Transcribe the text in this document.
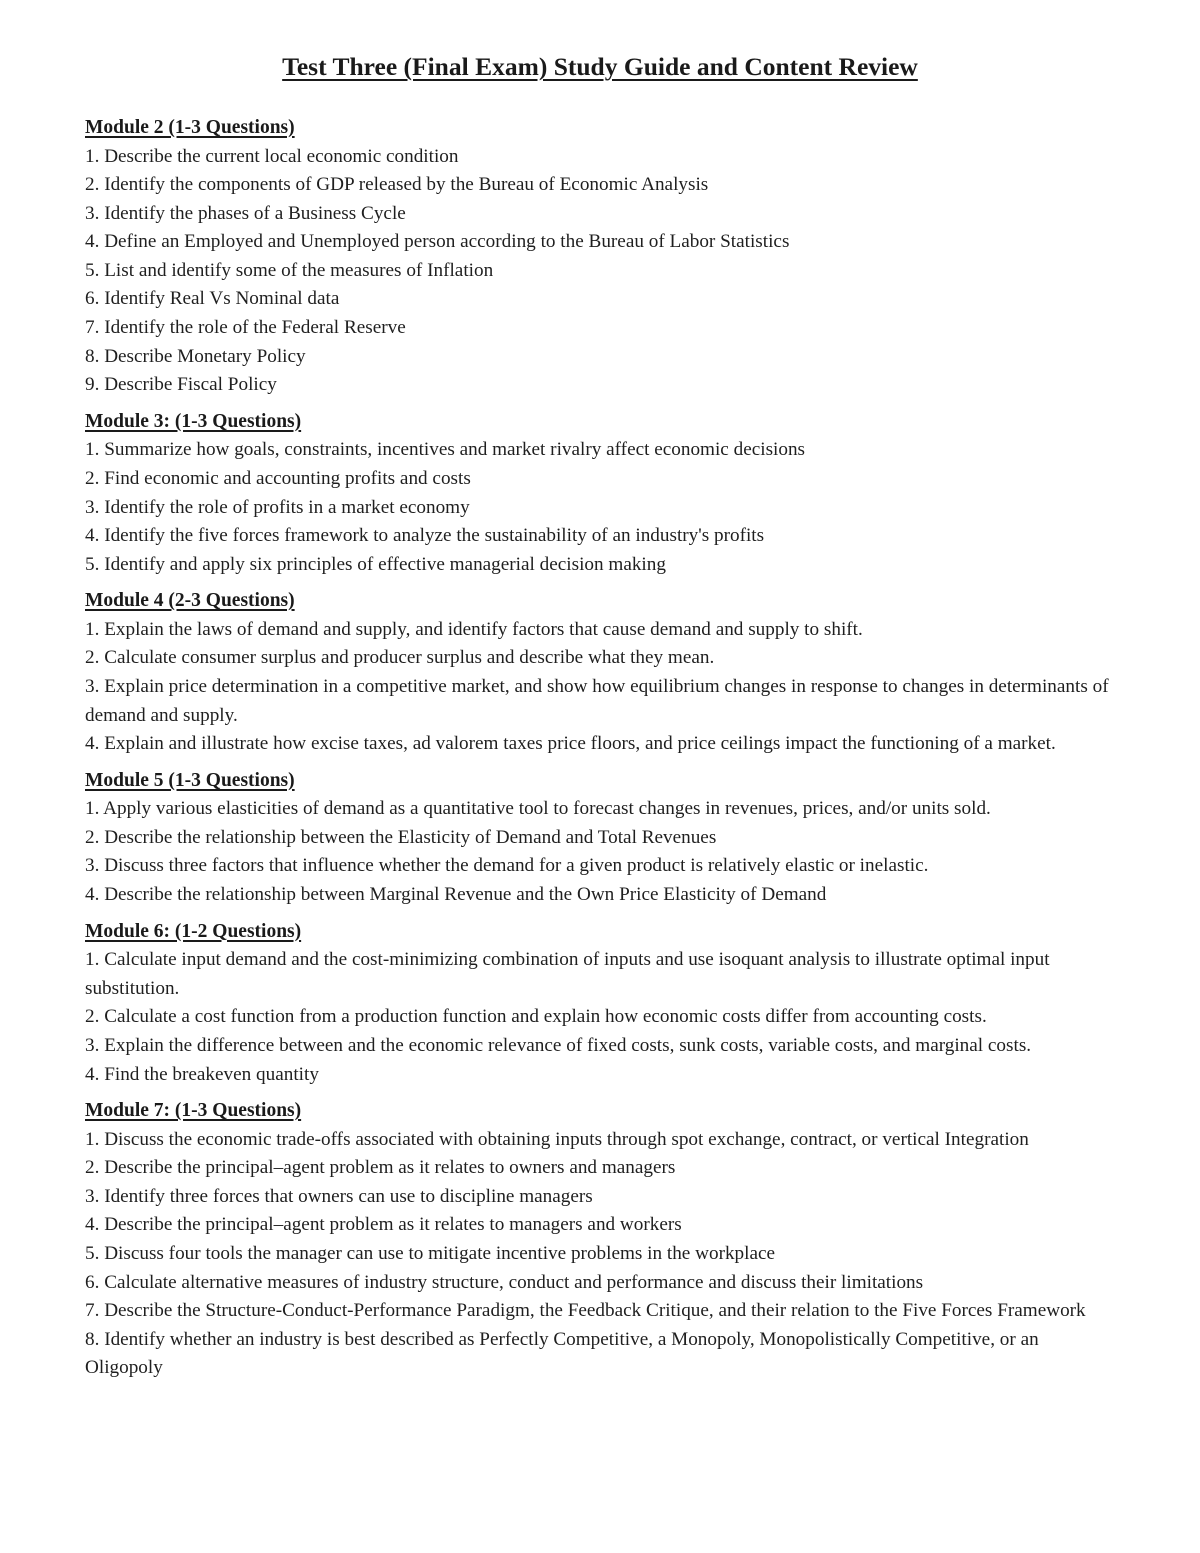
Test Three (Final Exam) Study Guide and Content Review
Module 2 (1-3 Questions)
1. Describe the current local economic condition
2. Identify the components of GDP released by the Bureau of Economic Analysis
3. Identify the phases of a Business Cycle
4. Define an Employed and Unemployed person according to the Bureau of Labor Statistics
5. List and identify some of the measures of Inflation
6. Identify Real Vs Nominal data
7. Identify the role of the Federal Reserve
8. Describe Monetary Policy
9. Describe Fiscal Policy
Module 3: (1-3 Questions)
1. Summarize how goals, constraints, incentives and market rivalry affect economic decisions
2. Find economic and accounting profits and costs
3. Identify the role of profits in a market economy
4. Identify the five forces framework to analyze the sustainability of an industry's profits
5. Identify and apply six principles of effective managerial decision making
Module 4 (2-3 Questions)
1. Explain the laws of demand and supply, and identify factors that cause demand and supply to shift.
2. Calculate consumer surplus and producer surplus and describe what they mean.
3. Explain price determination in a competitive market, and show how equilibrium changes in response to changes in determinants of demand and supply.
4. Explain and illustrate how excise taxes, ad valorem taxes price floors, and price ceilings impact the functioning of a market.
Module 5 (1-3 Questions)
1. Apply various elasticities of demand as a quantitative tool to forecast changes in revenues, prices, and/or units sold.
2. Describe the relationship between the Elasticity of Demand and Total Revenues
3. Discuss three factors that influence whether the demand for a given product is relatively elastic or inelastic.
4. Describe the relationship between Marginal Revenue and the Own Price Elasticity of Demand
Module 6: (1-2 Questions)
1. Calculate input demand and the cost-minimizing combination of inputs and use isoquant analysis to illustrate optimal input substitution.
2. Calculate a cost function from a production function and explain how economic costs differ from accounting costs.
3. Explain the difference between and the economic relevance of fixed costs, sunk costs, variable costs, and marginal costs.
4. Find the breakeven quantity
Module 7: (1-3 Questions)
1. Discuss the economic trade-offs associated with obtaining inputs through spot exchange, contract, or vertical Integration
2. Describe the principal–agent problem as it relates to owners and managers
3. Identify three forces that owners can use to discipline managers
4. Describe the principal–agent problem as it relates to managers and workers
5. Discuss four tools the manager can use to mitigate incentive problems in the workplace
6. Calculate alternative measures of industry structure, conduct and performance and discuss their limitations
7. Describe the Structure-Conduct-Performance Paradigm, the Feedback Critique, and their relation to the Five Forces Framework
8. Identify whether an industry is best described as Perfectly Competitive, a Monopoly, Monopolistically Competitive, or an Oligopoly
